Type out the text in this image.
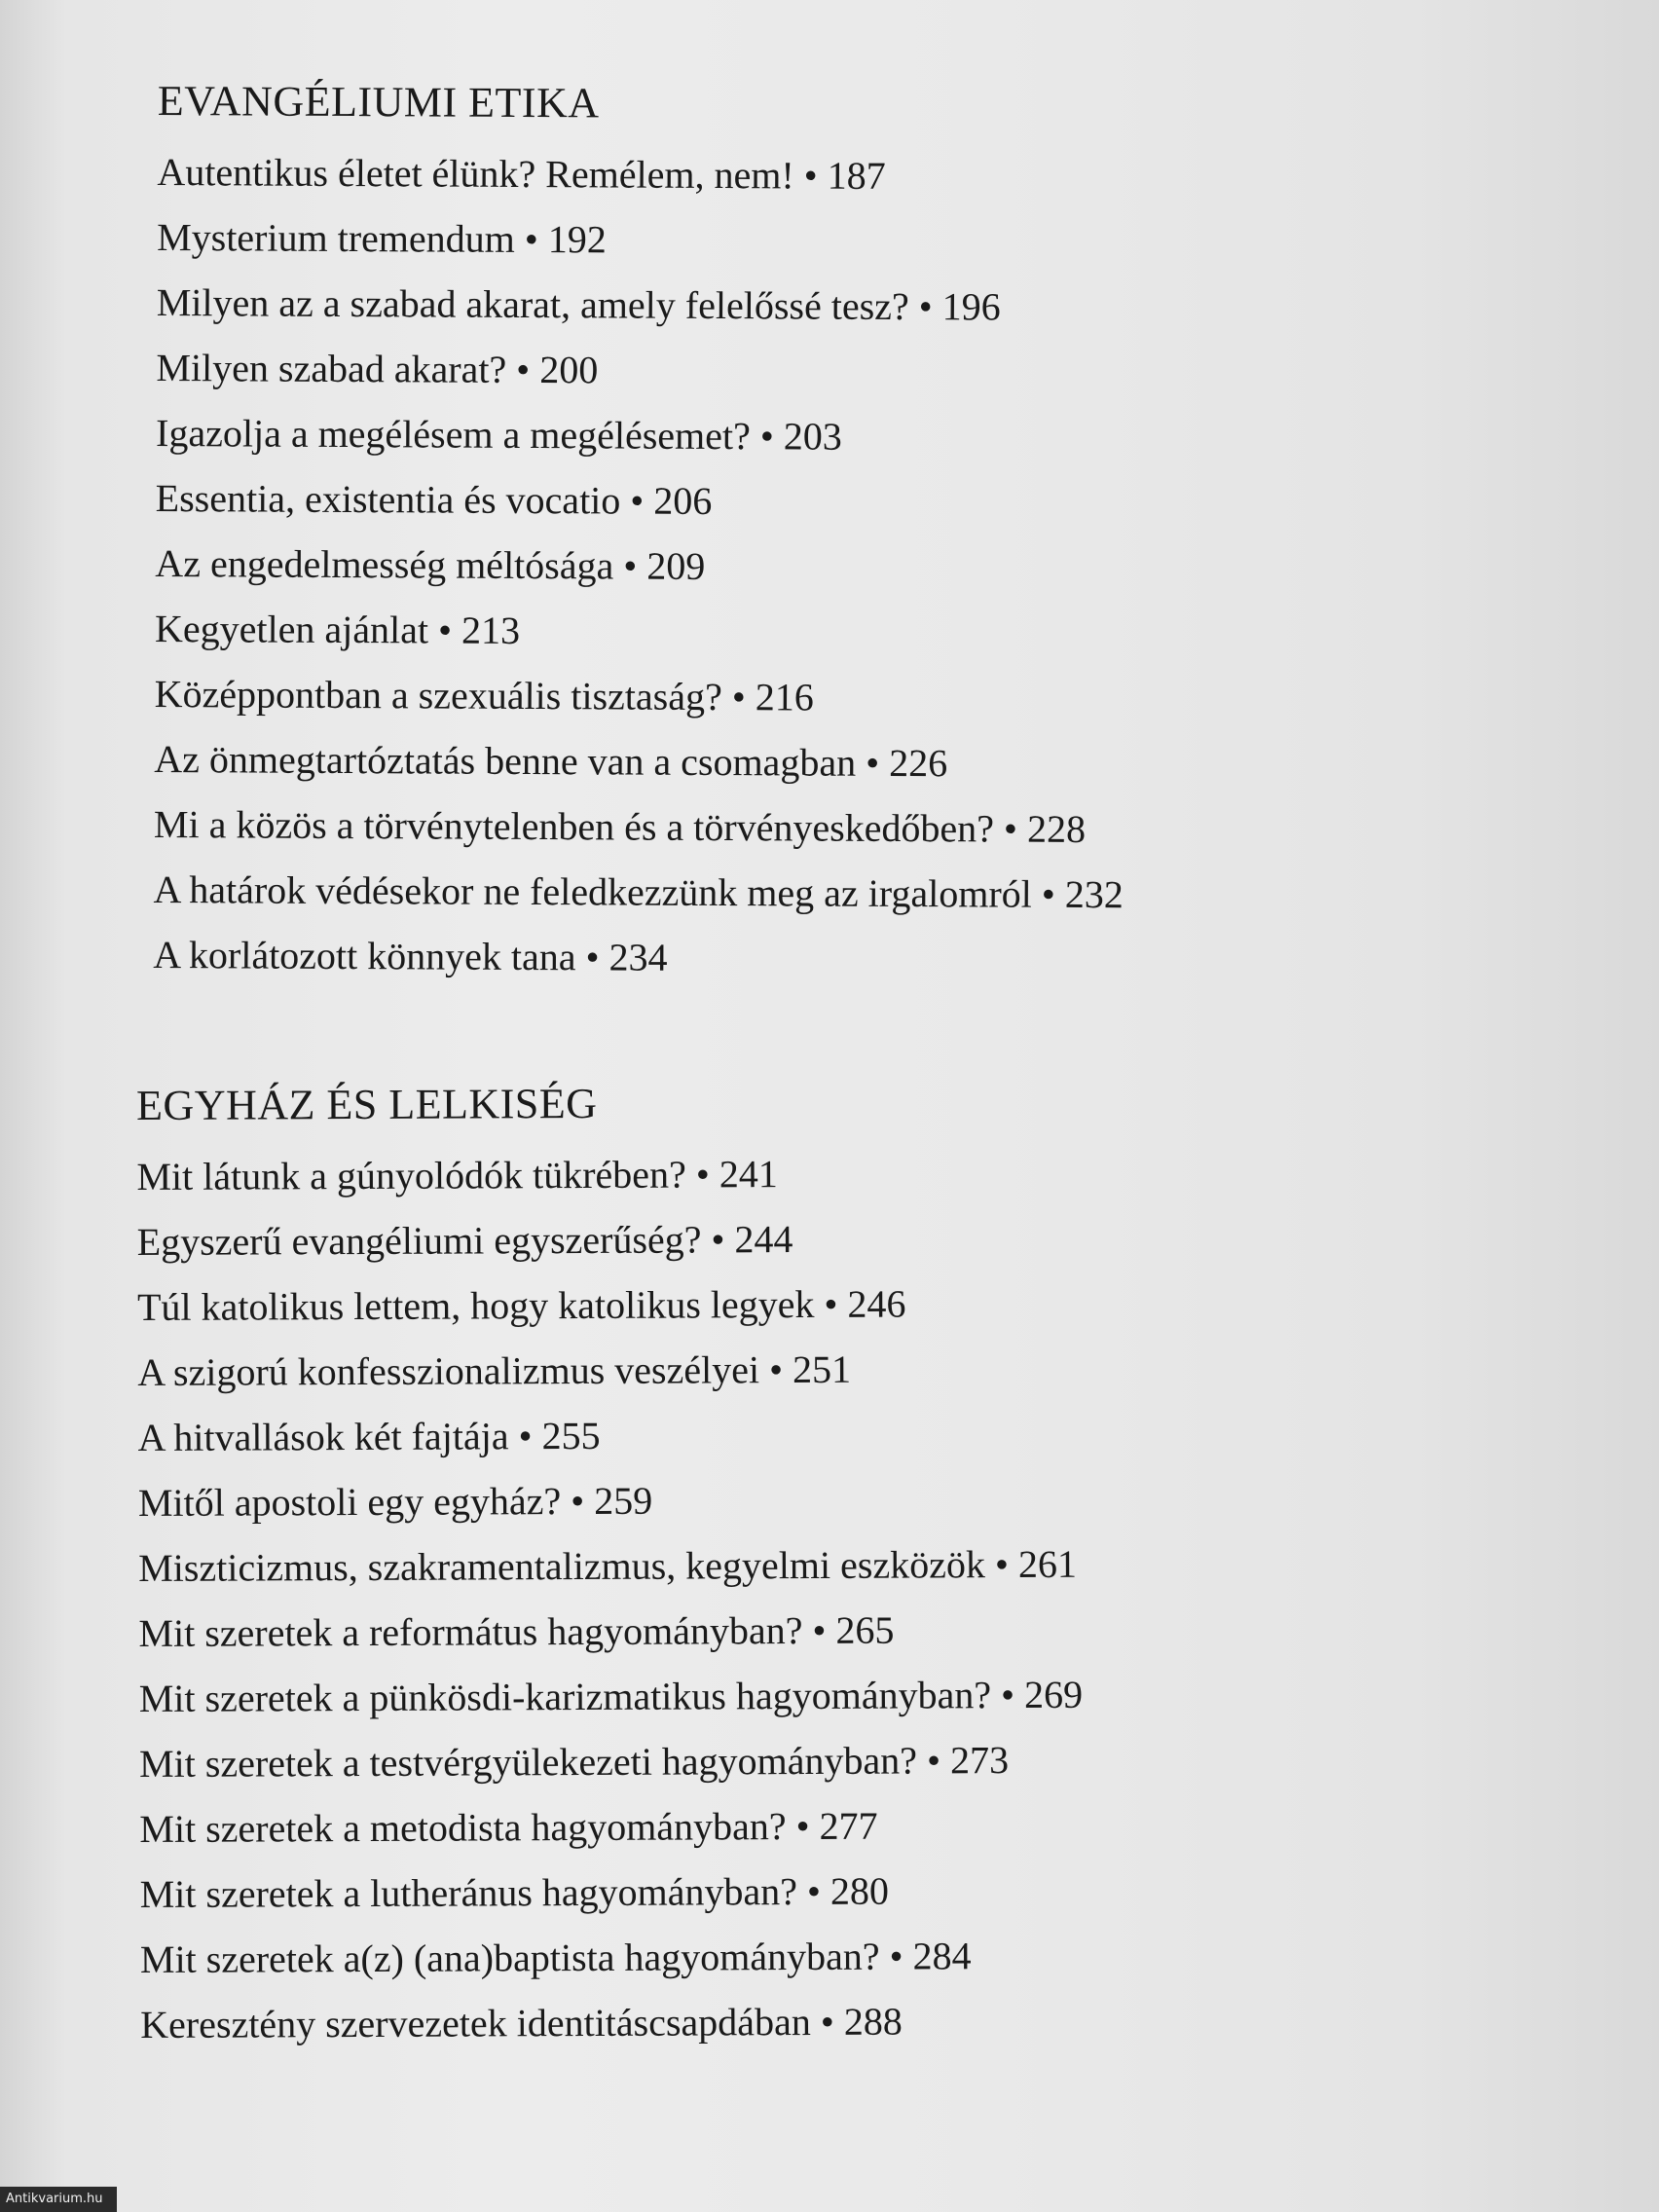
EVANGÉLIUMI ETIKA
Autentikus életet élünk? Remélem, nem! • 187
Mysterium tremendum • 192
Milyen az a szabad akarat, amely felelőssé tesz? • 196
Milyen szabad akarat? • 200
Igazolja a megélésem a megélésemet? • 203
Essentia, existentia és vocatio • 206
Az engedelmesség méltósága • 209
Kegyetlen ajánlat • 213
Középpontban a szexuális tisztaság? • 216
Az önmegtartóztatás benne van a csomagban • 226
Mi a közös a törvénytelenben és a törvényeskedőben? • 228
A határok védésekor ne feledkezzünk meg az irgalomról • 232
A korlátozott könnyek tana • 234
EGYHÁZ ÉS LELKISÉG
Mit látunk a gúnyolódók tükrében? • 241
Egyszerű evangéliumi egyszerűség? • 244
Túl katolikus lettem, hogy katolikus legyek • 246
A szigorú konfesszionalizmus veszélyei • 251
A hitvallások két fajtája • 255
Mitől apostoli egy egyház? • 259
Miszticizmus, szakramentalizmus, kegyelmi eszközök • 261
Mit szeretek a református hagyományban? • 265
Mit szeretek a pünkösdi-karizmatikus hagyományban? • 269
Mit szeretek a testvérgyülekezeti hagyományban? • 273
Mit szeretek a metodista hagyományban? • 277
Mit szeretek a lutheránus hagyományban? • 280
Mit szeretek a(z) (ana)baptista hagyományban? • 284
Keresztény szervezetek identitáscsapdában • 288
Antikvarium.hu
